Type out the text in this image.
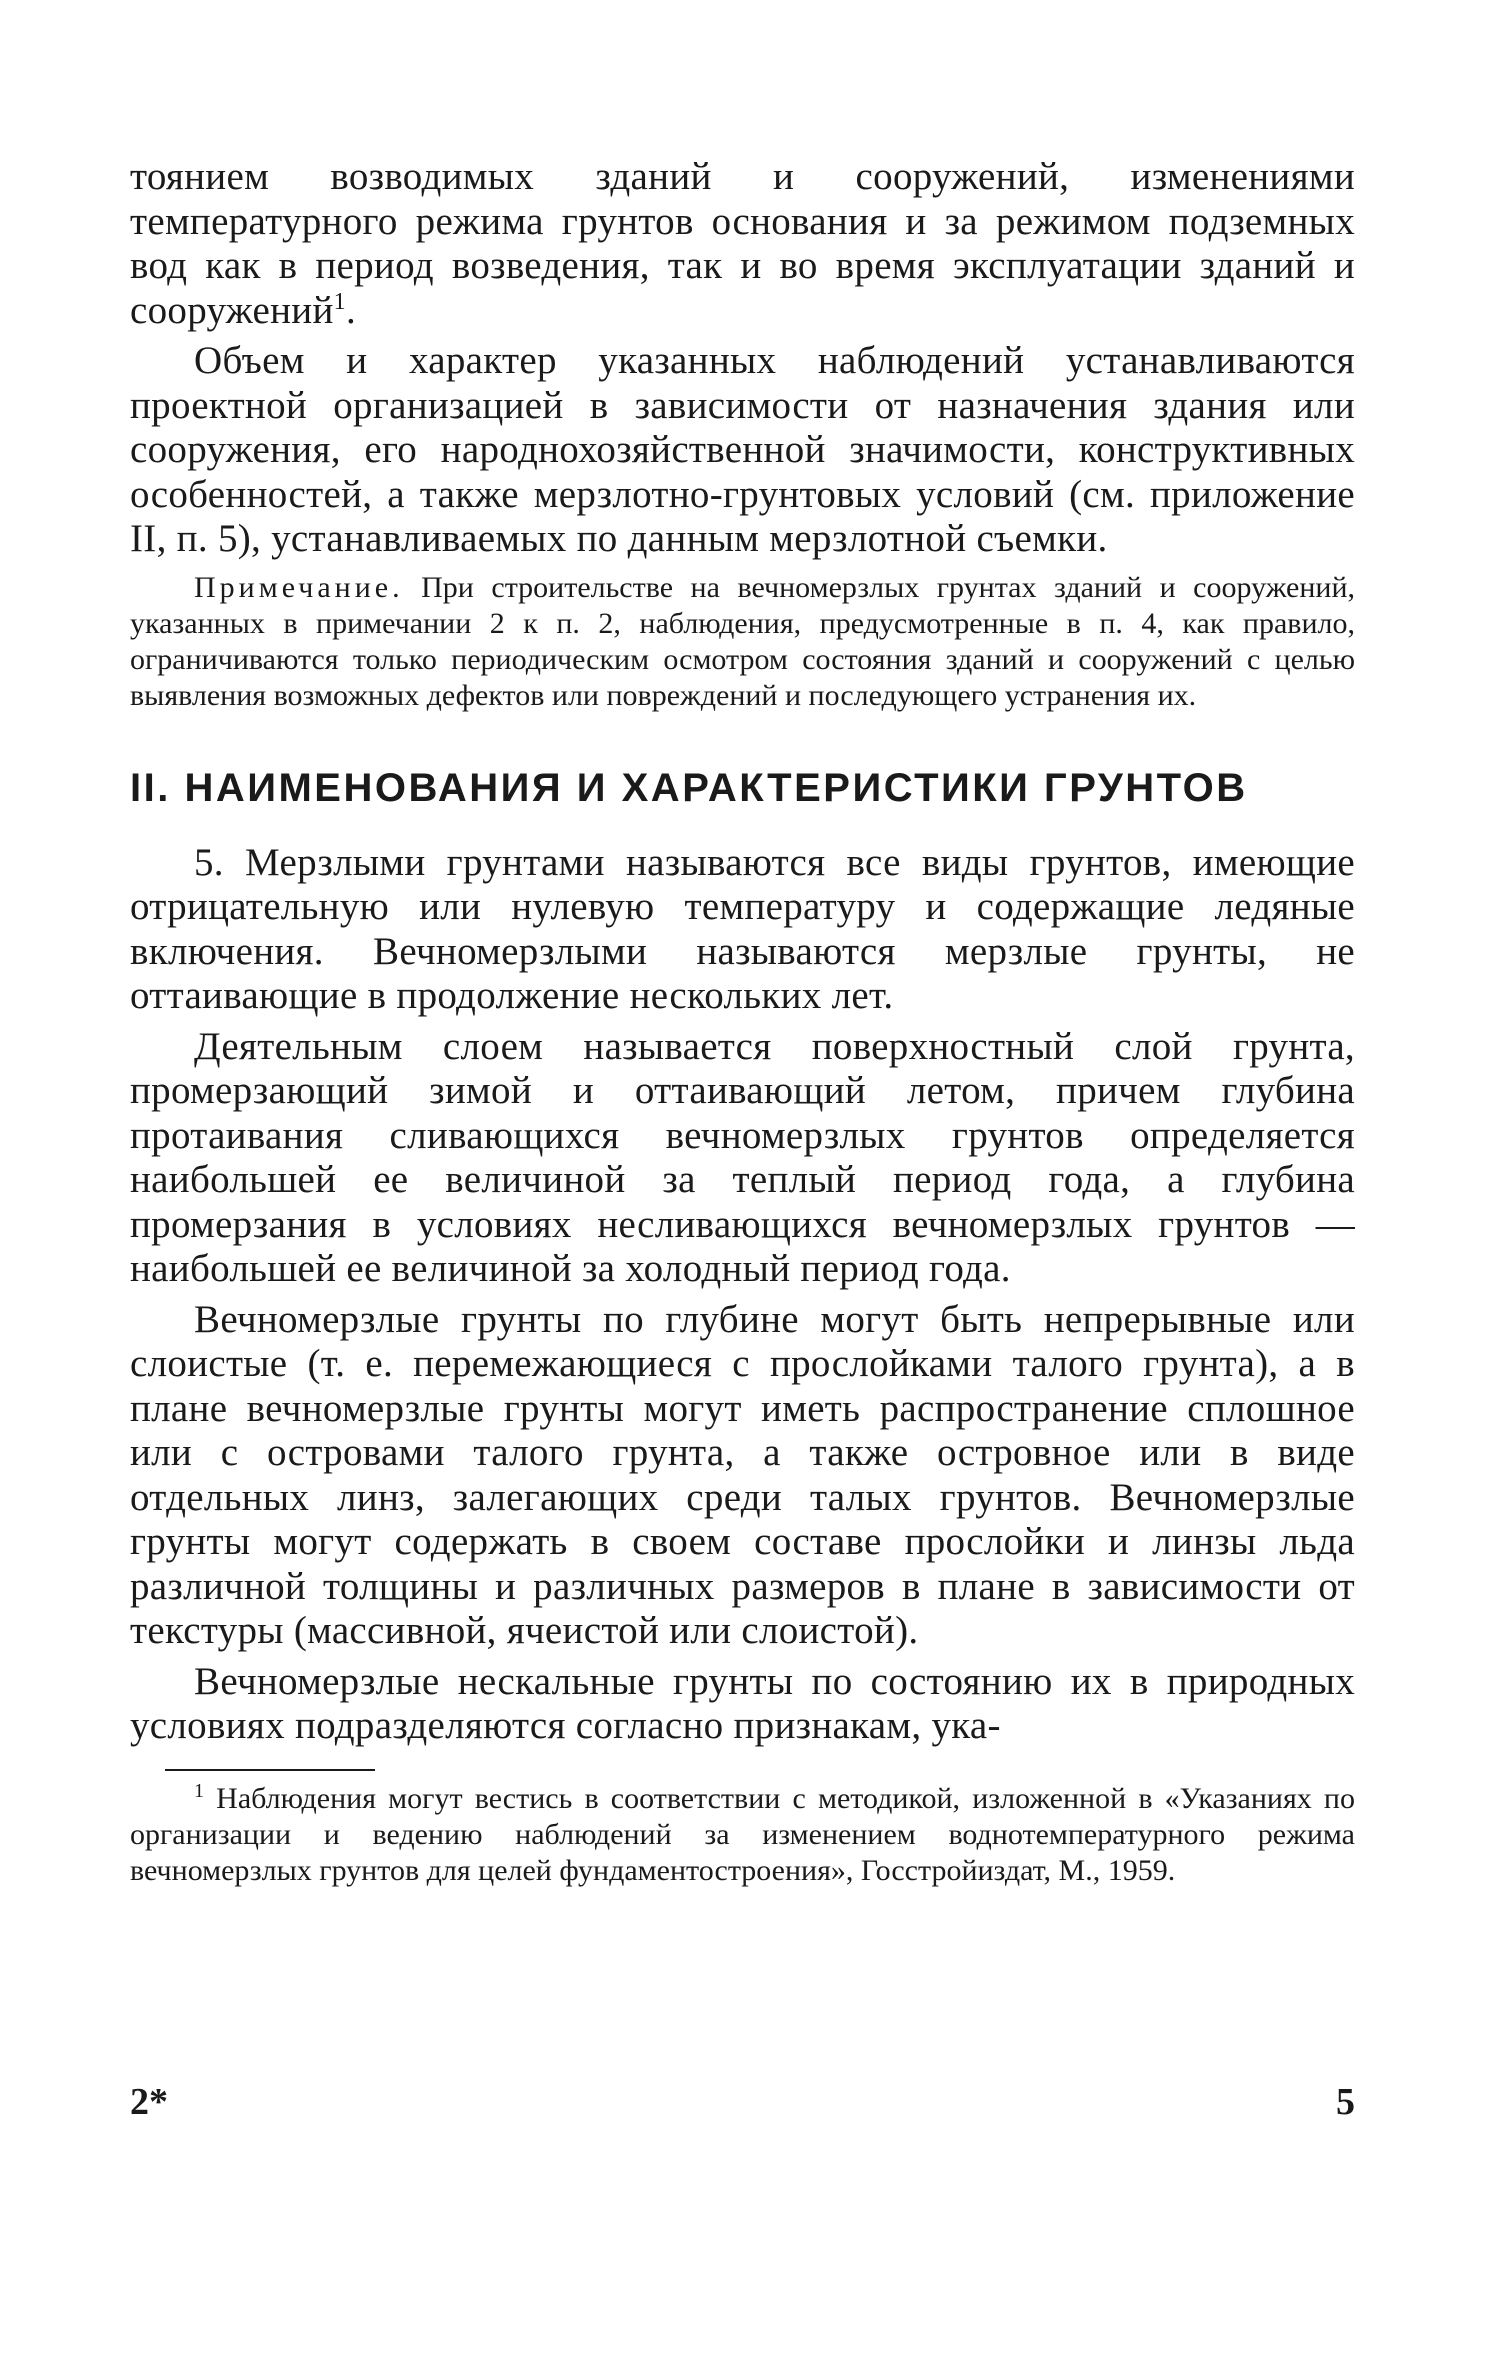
тоянием возводимых зданий и сооружений, изменениями температурного режима грунтов основания и за режимом подземных вод как в период возведения, так и во время эксплуатации зданий и сооружений$^1$.

Объем и характер указанных наблюдений устанавливаются проектной организацией в зависимости от назначения здания или сооружения, его народнохозяйственной значимости, конструктивных особенностей, а также мерзлотно-грунтовых условий (см. приложение II, п. 5), устанавливаемых по данным мерзлотной съемки.

Примечание. При строительстве на вечномерзлых грунтах зданий и сооружений, указанных в примечании 2 к п. 2, наблюдения, предусмотренные в п. 4, как правило, ограничиваются только периодическим осмотром состояния зданий и сооружений с целью выявления возможных дефектов или повреждений и последующего устранения их.

II. НАИМЕНОВАНИЯ И ХАРАКТЕРИСТИКИ ГРУНТОВ

5. Мерзлыми грунтами называются все виды грунтов, имеющие отрицательную или нулевую температуру и содержащие ледяные включения. Вечномерзлыми называются мерзлые грунты, не оттаивающие в продолжение нескольких лет.

Деятельным слоем называется поверхностный слой грунта, промерзающий зимой и оттаивающий летом, причем глубина протаивания сливающихся вечномерзлых грунтов определяется наибольшей ее величиной за теплый период года, а глубина промерзания в условиях несливающихся вечномерзлых грунтов — наибольшей ее величиной за холодный период года.

Вечномерзлые грунты по глубине могут быть непрерывные или слоистые (т. е. перемежающиеся с прослойками талого грунта), а в плане вечномерзлые грунты могут иметь распространение сплошное или с островами талого грунта, а также островное или в виде отдельных линз, залегающих среди талых грунтов. Вечномерзлые грунты могут содержать в своем составе прослойки и линзы льда различной толщины и различных размеров в плане в зависимости от текстуры (массивной, ячеистой или слоистой).

Вечномерзлые нескальные грунты по состоянию их в природных условиях подразделяются согласно признакам, ука-

$^1$ Наблюдения могут вестись в соответствии с методикой, изложенной в «Указаниях по организации и ведению наблюдений за изменением воднотемпературного режима вечномерзлых грунтов для целей фундаментостроения», Госстройиздат, М., 1959.

2*	5
